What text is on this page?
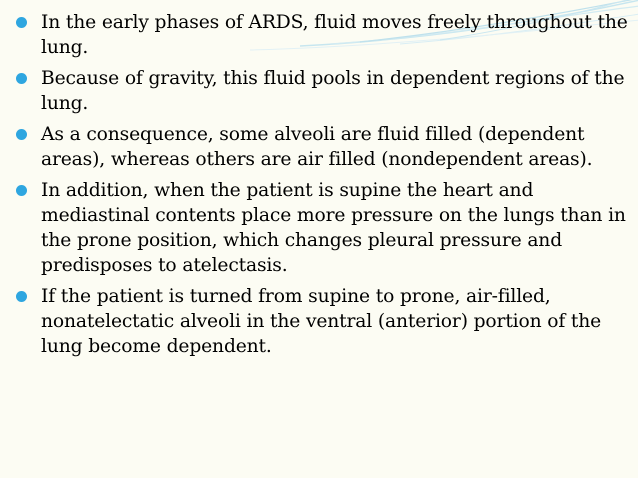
In the early phases of ARDS, fluid moves freely throughout the lung.
Because of gravity, this fluid pools in dependent regions of the lung.
As a consequence, some alveoli are fluid filled (dependent areas), whereas others are air filled (nondependent areas).
In addition, when the patient is supine the heart and mediastinal contents place more pressure on the lungs than in the prone position, which changes pleural pressure and predisposes to atelectasis.
If the patient is turned from supine to prone, air-filled, nonatelectatic alveoli in the ventral (anterior) portion of the lung become dependent.
